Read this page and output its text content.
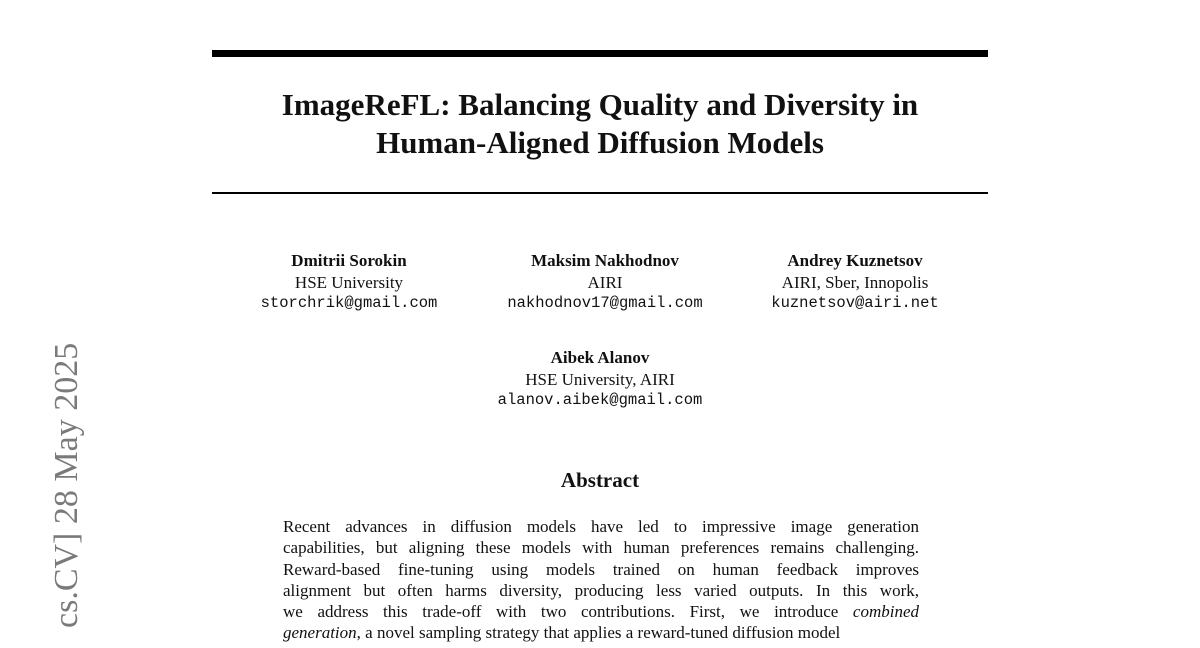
ImageReFL: Balancing Quality and Diversity in
Human-Aligned Diffusion Models
Dmitrii Sorokin
HSE University
storchrik@gmail.com
Maksim Nakhodnov
AIRI
nakhodnov17@gmail.com
Andrey Kuznetsov
AIRI, Sber, Innopolis
kuznetsov@airi.net
Aibek Alanov
HSE University, AIRI
alanov.aibek@gmail.com
Abstract
Recent advances in diffusion models have led to impressive image generation
capabilities, but aligning these models with human preferences remains challenging.
Reward-based fine-tuning using models trained on human feedback improves
alignment but often harms diversity, producing less varied outputs. In this work,
we address this trade-off with two contributions. First, we introduce combined
generation, a novel sampling strategy that applies a reward-tuned diffusion model
cs.CV] 28 May 2025
